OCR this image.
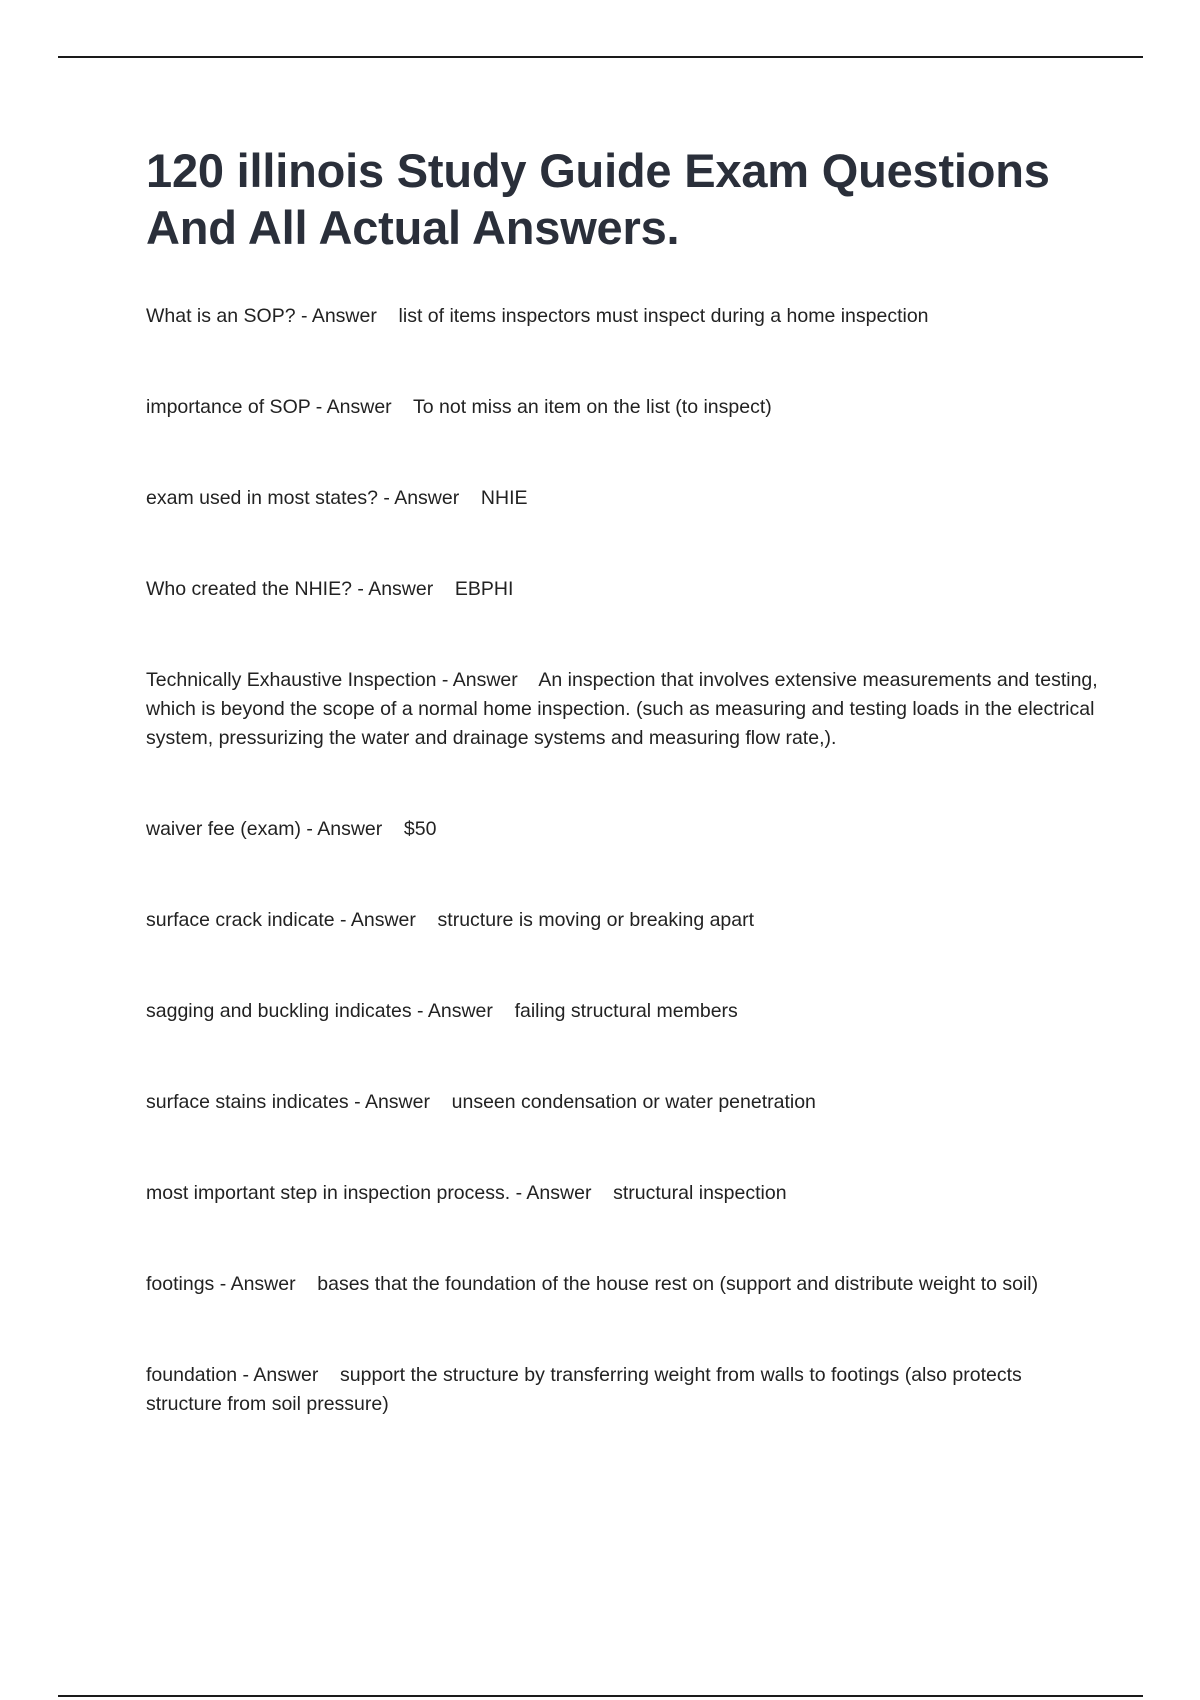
120 illinois Study Guide Exam Questions And All Actual Answers.

What is an SOP? - Answer    list of items inspectors must inspect during a home inspection

importance of SOP - Answer    To not miss an item on the list (to inspect)

exam used in most states? - Answer    NHIE

Who created the NHIE? - Answer    EBPHI

Technically Exhaustive Inspection - Answer    An inspection that involves extensive measurements and testing, which is beyond the scope of a normal home inspection. (such as measuring and testing loads in the electrical system, pressurizing the water and drainage systems and measuring flow rate,).

waiver fee (exam) - Answer    $50

surface crack indicate - Answer    structure is moving or breaking apart

sagging and buckling indicates - Answer    failing structural members

surface stains indicates - Answer    unseen condensation or water penetration

most important step in inspection process. - Answer    structural inspection

footings - Answer    bases that the foundation of the house rest on (support and distribute weight to soil)

foundation - Answer    support the structure by transferring weight from walls to footings (also protects structure from soil pressure)
